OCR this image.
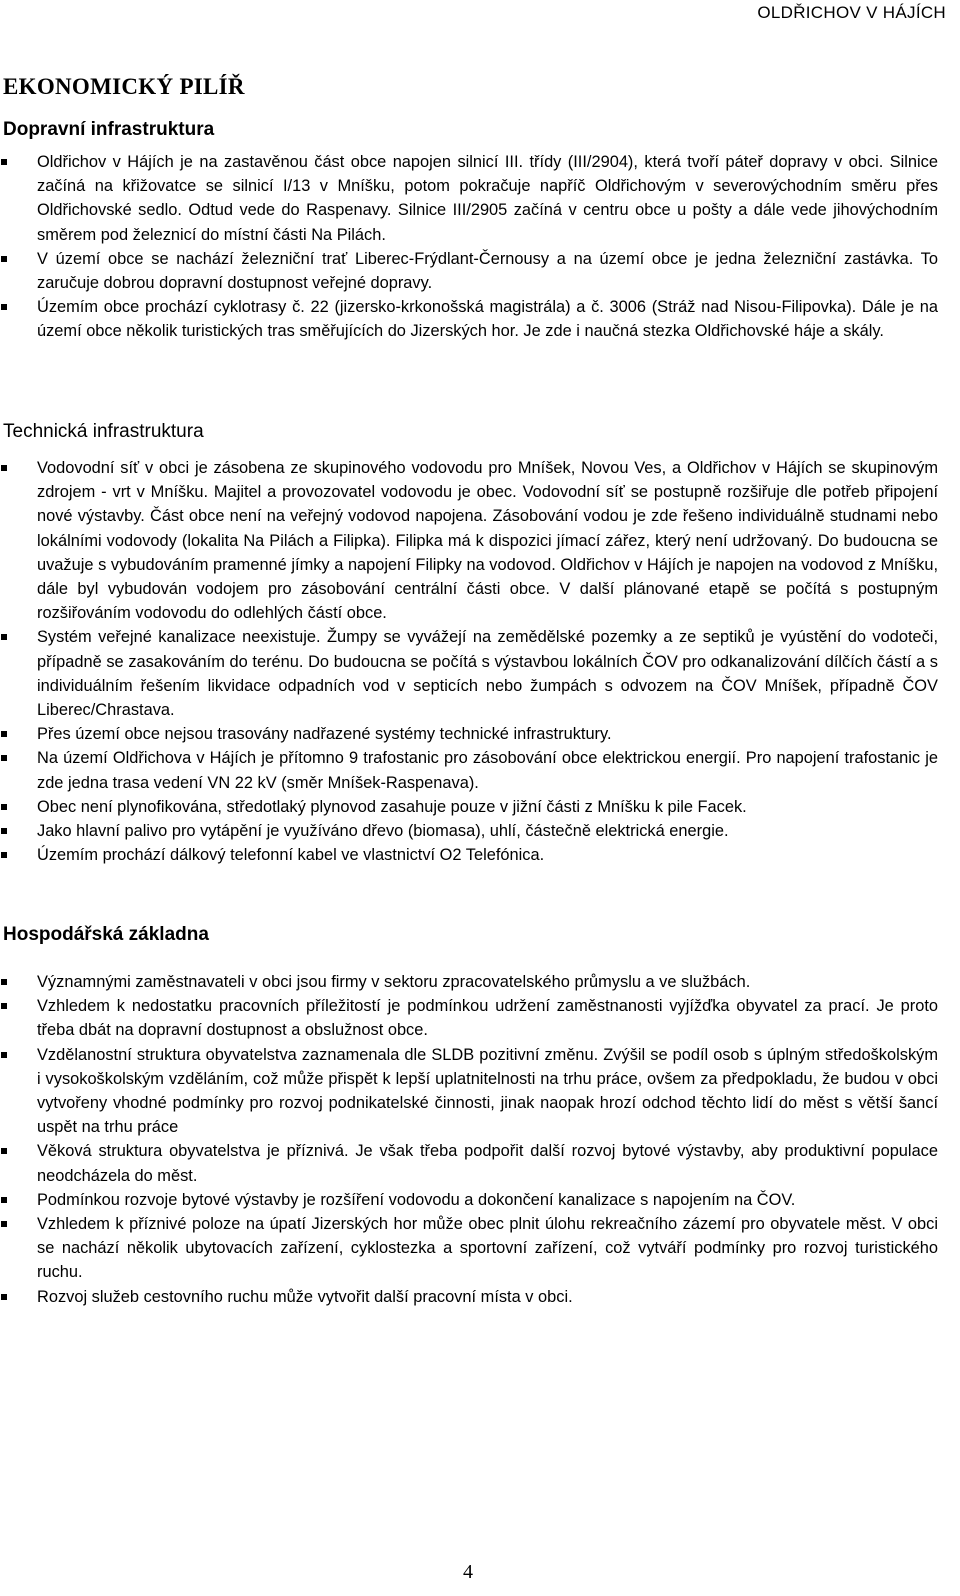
OLDŘICHOV V HÁJÍCH
EKONOMICKÝ PILÍŘ
Dopravní infrastruktura
Oldřichov v Hájích je na zastavěnou část obce napojen silnicí III. třídy (III/2904), která tvoří páteř dopravy v obci. Silnice začíná na křižovatce se silnicí I/13 v Mníšku, potom pokračuje napříč Oldřichovým v severovýchodním směru přes Oldřichovské sedlo. Odtud vede do Raspenavy. Silnice III/2905 začíná v centru obce u pošty a dále vede jihovýchodním směrem pod železnicí do místní části Na Pilách.
V území obce se nachází železniční trať Liberec-Frýdlant-Černousy a na území obce je jedna železniční zastávka. To zaručuje dobrou dopravní dostupnost veřejné dopravy.
Územím obce prochází cyklotrasy č. 22 (jizersko-krkonošská magistrála) a č. 3006 (Stráž nad Nisou-Filipovka). Dále je na území obce několik turistických tras směřujících do Jizerských hor. Je zde i naučná stezka Oldřichovské háje a skály.
Technická infrastruktura
Vodovodní síť v obci je zásobena ze skupinového vodovodu pro Mníšek, Novou Ves, a Oldřichov v Hájích se skupinovým zdrojem - vrt v Mníšku. Majitel a provozovatel vodovodu je obec. Vodovodní síť se postupně rozšiřuje dle potřeb připojení nové výstavby. Část obce není na veřejný vodovod napojena. Zásobování vodou je zde řešeno individuálně studnami nebo lokálními vodovody (lokalita Na Pilách a Filipka). Filipka má k dispozici jímací zářez, který není udržovaný. Do budoucna se uvažuje s vybudováním pramenné jímky a napojení Filipky na vodovod. Oldřichov v Hájích je napojen na vodovod z Mníšku, dále byl vybudován vodojem pro zásobování centrální části obce. V další plánované etapě se počítá s postupným rozšiřováním vodovodu do odlehlých částí obce.
Systém veřejné kanalizace neexistuje. Žumpy se vyvážejí na zemědělské pozemky a ze septiků je vyústění do vodoteči, případně se zasakováním do terénu. Do budoucna se počítá s výstavbou lokálních ČOV pro odkanalizování dílčích částí a s individuálním řešením likvidace odpadních vod v septicích nebo žumpách s odvozem na ČOV Mníšek, případně ČOV Liberec/Chrastava.
Přes území obce nejsou trasovány nadřazené systémy technické infrastruktury.
Na území Oldřichova v Hájích je přítomno 9 trafostanic pro zásobování obce elektrickou energií. Pro napojení trafostanic je zde jedna trasa vedení VN 22 kV (směr Mníšek-Raspenava).
Obec není plynofikována, středotlaký plynovod zasahuje pouze v jižní části z Mníšku k pile Facek.
Jako hlavní palivo pro vytápění je využíváno dřevo (biomasa), uhlí, částečně elektrická energie.
Územím prochází dálkový telefonní kabel ve vlastnictví O2 Telefónica.
Hospodářská základna
Významnými zaměstnavateli v obci jsou firmy v sektoru zpracovatelského průmyslu a ve službách.
Vzhledem k nedostatku pracovních příležitostí je podmínkou udržení zaměstnanosti vyjížďka obyvatel za prací. Je proto třeba dbát na dopravní dostupnost a obslužnost obce.
Vzdělanostní struktura obyvatelstva zaznamenala dle SLDB pozitivní změnu. Zvýšil se podíl osob s úplným středoškolským i vysokoškolským vzděláním, což může přispět k lepší uplatnitelnosti na trhu práce, ovšem za předpokladu, že budou v obci vytvořeny vhodné podmínky pro rozvoj podnikatelské činnosti, jinak naopak hrozí odchod těchto lidí do měst s větší šancí uspět na trhu práce
Věková struktura obyvatelstva je příznivá. Je však třeba podpořit další rozvoj bytové výstavby, aby produktivní populace neodcházela do měst.
Podmínkou rozvoje bytové výstavby je rozšíření vodovodu a dokončení kanalizace s napojením na ČOV.
Vzhledem k příznivé poloze na úpatí Jizerských hor může obec plnit úlohu rekreačního zázemí pro obyvatele měst. V obci se nachází několik ubytovacích zařízení, cyklostezka a sportovní zařízení, což vytváří podmínky pro rozvoj turistického ruchu.
Rozvoj služeb cestovního ruchu může vytvořit další pracovní místa v obci.
4
